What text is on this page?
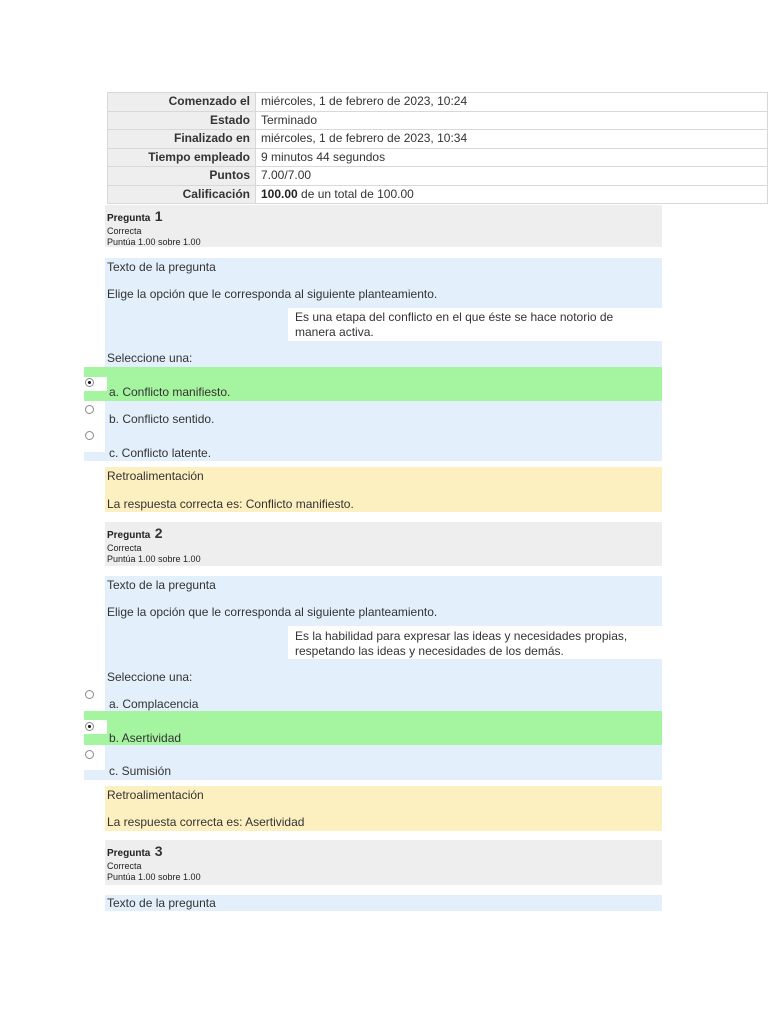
Comenzado el	miércoles, 1 de febrero de 2023, 10:24
Estado	Terminado
Finalizado en	miércoles, 1 de febrero de 2023, 10:34
Tiempo empleado	9 minutos 44 segundos
Puntos	7.00/7.00
Calificación	100.00 de un total de 100.00
Pregunta 1
Correcta
Puntúa 1.00 sobre 1.00
Texto de la pregunta
Elige la opción que le corresponda al siguiente planteamiento.
Es una etapa del conflicto en el que éste se hace notorio de manera activa.
Seleccione una:
a. Conflicto manifiesto.
b. Conflicto sentido.
c. Conflicto latente.
Retroalimentación
La respuesta correcta es: Conflicto manifiesto.
Pregunta 2
Correcta
Puntúa 1.00 sobre 1.00
Texto de la pregunta
Elige la opción que le corresponda al siguiente planteamiento.
Es la habilidad para expresar las ideas y necesidades propias, respetando las ideas y necesidades de los demás.
Seleccione una:
a. Complacencia
b. Asertividad
c. Sumisión
Retroalimentación
La respuesta correcta es: Asertividad
Pregunta 3
Correcta
Puntúa 1.00 sobre 1.00
Texto de la pregunta
